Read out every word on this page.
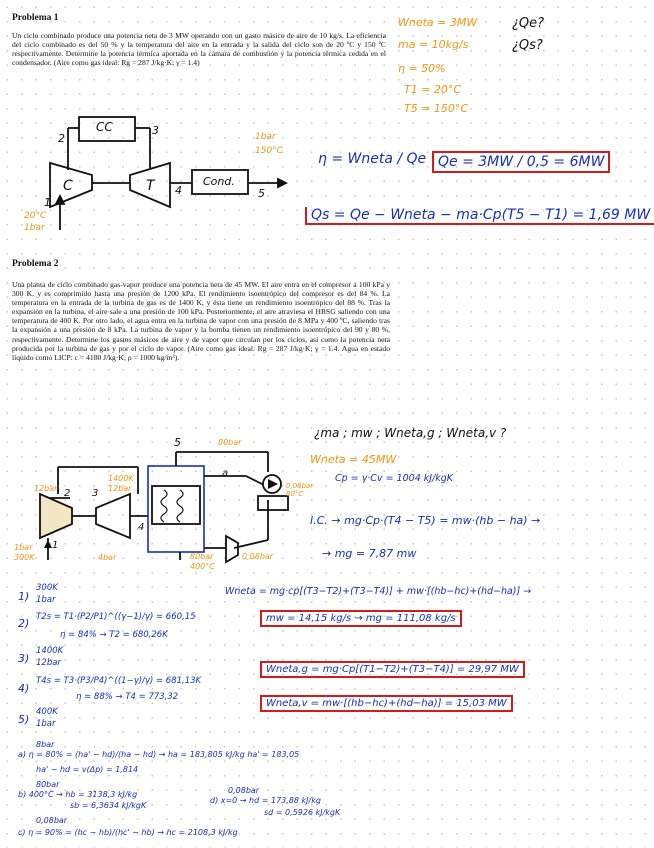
Problema 1
Un ciclo combinado produce una potencia neta de 3 MW operando con un gasto másico de aire de 10 kg/s. La eficiencia del ciclo combinado es del 50 % y la temperatura del aire en la entrada y la salida del ciclo son de 20 ºC y 150 ºC respectivamente. Determine la potencia térmica aportada en la cámara de combustión y la potencia térmica cedida en el condensador. (Aire como gas ideal: Rg = 287 J/kg·K; γ = 1.4)
Wneta = 3MW
ma = 10kg/s
η = 50%
T1 = 20°C
T5 = 150°C
¿Qe?
¿Qs?
CC
C	T	Cond.
1
2
3
4	5
20°C
1bar
1bar
150°C	η = Wneta / Qe Qe = 3MW / 0,5 = 6MW
Qs = Qe − Wneta − ma·Cp(T5 − T1) = 1,69 MW
Problema 2
Una planta de ciclo combinado gas-vapor produce una potencia neta de 45 MW. El aire entra en el compresor a 100 kPa y 300 K, y es comprimido hasta una presión de 1200 kPa. El rendimiento isoentrópico del compresor es del 84 %. La temperatura en la entrada de la turbina de gas es de 1400 K, y ésta tiene un rendimiento isoentrópico del 88 %. Tras la expansión en la turbina, el aire sale a una presión de 100 kPa. Posteriormente, el aire atraviesa el HRSG saliendo con una temperatura de 400 K. Por otro lado, el agua entra en la turbina de vapor con una presión de 8 MPa y 400 ºC, saliendo tras la expansión a una presión de 8 kPa. La turbina de vapor y la bomba tienen un rendimiento isoentrópico del 90 y 80 %, respectivamente. Determine los gastos másicos de aire y de vapor que circulan por los ciclos, así como la potencia neta producida por la turbina de gas y por el ciclo de vapor. (Aire como gas ideal: Rg = 287 J/kg·K; γ = 1.4. Agua en estado líquido como LICP: c = 4180 J/kg·K; ρ = 1000 kg/m³).
¿ma ; mw ; Wneta,g ; Wneta,v ?
5	80bar
12bar	12bar
1400K
1bar
300K	4bar	80bar
400°C
0,08bar
0,08bar
80°C
1
2 3
4
a
Wneta = 45MW
Cp = γ·Cv = 1004 kJ/kgK
I.C. → mg·Cp·(T4 − T5) = mw·(hb − ha) →
→ mg = 7,87 mw
Wneta = mg·cp[(T3−T2)+(T3−T4)] + mw·[(hb−hc)+(hd−ha)] →
mw = 14,15 kg/s → mg = 111,08 kg/s
Wneta,g = mg·Cp[(T1−T2)+(T3−T4)] = 29,97 MW
Wneta,v = mw·[(hb−hc)+(hd−ha)] = 15,03 MW
1)
300K
1bar
2) T2s = T1·(P2/P1)^((γ−1)/γ) = 660,15
η = 84% → T2 = 680,26K
3)
1400K
12bar
4)
T4s = T3·(P3/P4)^((1−γ)/γ) = 681,13K
η = 88% → T4 = 773,32
5)
400K
1bar
8bar
a) η = 80% = (ha' − hd)/(ha − hd) → ha = 183,805 kJ/kg ha' = 183,05
ha' − hd = v(Δp) = 1,814
80bar
b) 400°C → hb = 3138,3 kJ/kg
sb = 6,3634 kJ/kgK
0,08bar
c) η = 90% = (hc − hb)/(hc' − hb) → hc = 2108,3 kJ/kg
0,08bar
d) x=0 → hd = 173,88 kJ/kg
sd = 0,5926 kJ/kgK
